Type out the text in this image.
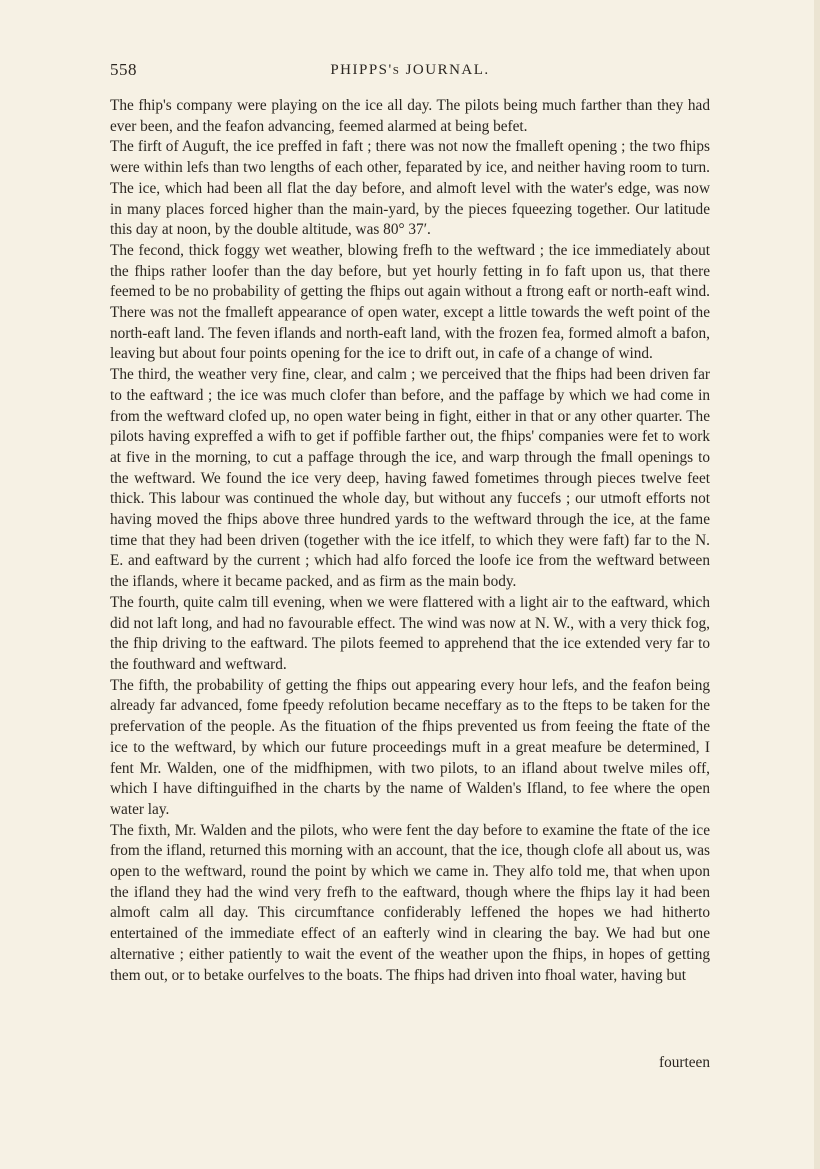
558	PHIPPS's JOURNAL.

The fhip's company were playing on the ice all day. The pilots being much farther than they had ever been, and the feafon advancing, feemed alarmed at being befet.

The firft of Auguft, the ice preffed in faft ; there was not now the fmalleft opening ; the two fhips were within lefs than two lengths of each other, feparated by ice, and neither having room to turn. The ice, which had been all flat the day before, and almoft level with the water's edge, was now in many places forced higher than the main-yard, by the pieces fqueezing together. Our latitude this day at noon, by the double altitude, was 80° 37′.

The fecond, thick foggy wet weather, blowing frefh to the weftward ; the ice immediately about the fhips rather loofer than the day before, but yet hourly fetting in fo faft upon us, that there feemed to be no probability of getting the fhips out again without a ftrong eaft or north-eaft wind. There was not the fmalleft appearance of open water, except a little towards the weft point of the north-eaft land. The feven iflands and north-eaft land, with the frozen fea, formed almoft a bafon, leaving but about four points opening for the ice to drift out, in cafe of a change of wind.

The third, the weather very fine, clear, and calm ; we perceived that the fhips had been driven far to the eaftward ; the ice was much clofer than before, and the paffage by which we had come in from the weftward clofed up, no open water being in fight, either in that or any other quarter. The pilots having expreffed a wifh to get if poffible farther out, the fhips' companies were fet to work at five in the morning, to cut a paffage through the ice, and warp through the fmall openings to the weftward. We found the ice very deep, having fawed fometimes through pieces twelve feet thick. This labour was continued the whole day, but without any fuccefs ; our utmoft efforts not having moved the fhips above three hundred yards to the weftward through the ice, at the fame time that they had been driven (together with the ice itfelf, to which they were faft) far to the N. E. and eaftward by the current ; which had alfo forced the loofe ice from the weftward between the iflands, where it became packed, and as firm as the main body.

The fourth, quite calm till evening, when we were flattered with a light air to the eaftward, which did not laft long, and had no favourable effect. The wind was now at N. W., with a very thick fog, the fhip driving to the eaftward. The pilots feemed to apprehend that the ice extended very far to the fouthward and weftward.

The fifth, the probability of getting the fhips out appearing every hour lefs, and the feafon being already far advanced, fome fpeedy refolution became neceffary as to the fteps to be taken for the prefervation of the people. As the fituation of the fhips prevented us from feeing the ftate of the ice to the weftward, by which our future proceedings muft in a great meafure be determined, I fent Mr. Walden, one of the midfhipmen, with two pilots, to an ifland about twelve miles off, which I have diftinguifhed in the charts by the name of Walden's Ifland, to fee where the open water lay.

The fixth, Mr. Walden and the pilots, who were fent the day before to examine the ftate of the ice from the ifland, returned this morning with an account, that the ice, though clofe all about us, was open to the weftward, round the point by which we came in. They alfo told me, that when upon the ifland they had the wind very frefh to the eaftward, though where the fhips lay it had been almoft calm all day. This circumftance confiderably leffened the hopes we had hitherto entertained of the immediate effect of an eafterly wind in clearing the bay. We had but one alternative ; either patiently to wait the event of the weather upon the fhips, in hopes of getting them out, or to betake ourfelves to the boats. The fhips had driven into fhoal water, having but

fourteen
